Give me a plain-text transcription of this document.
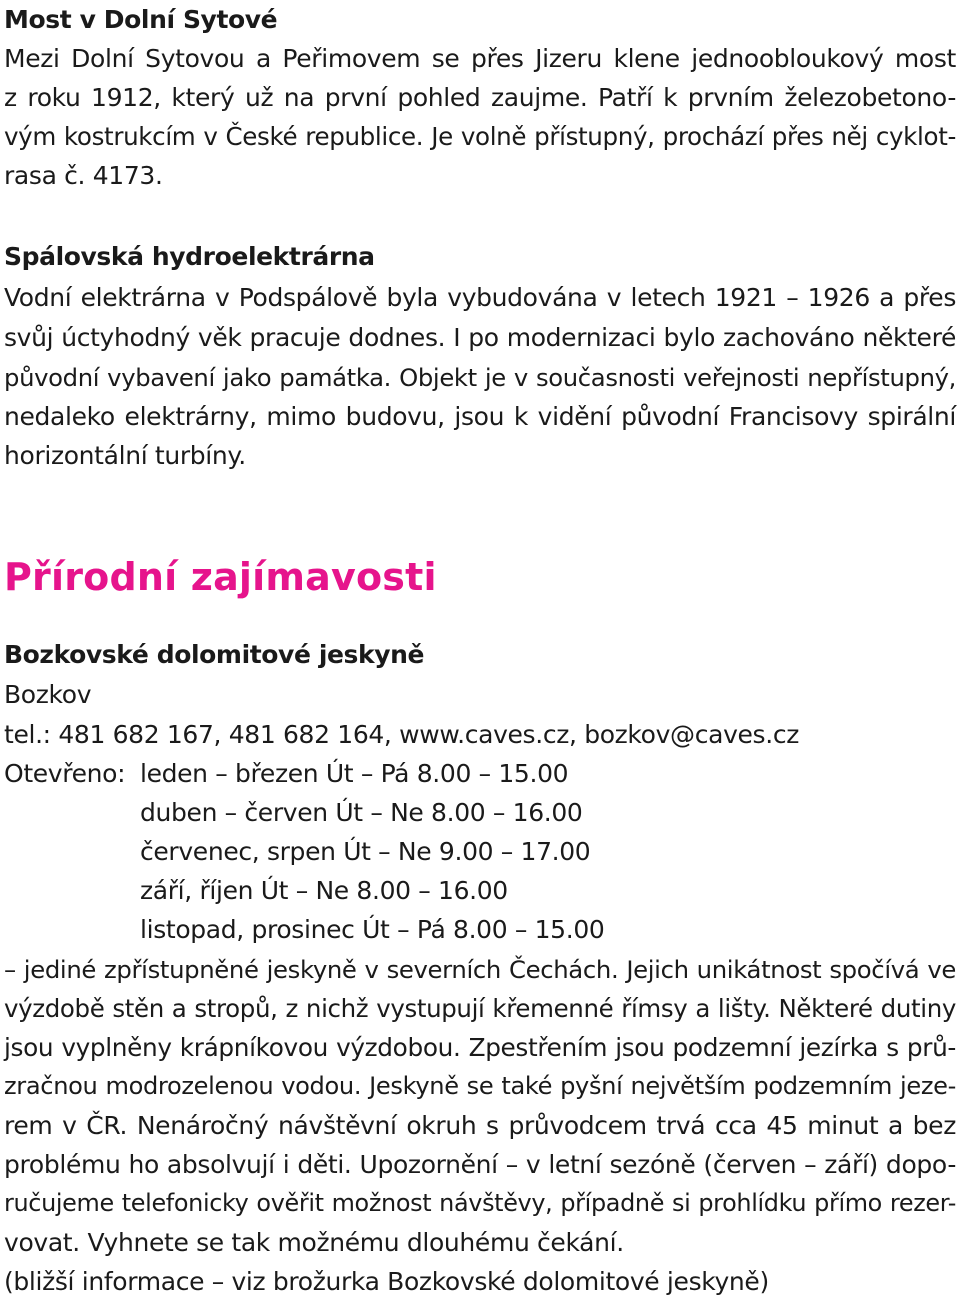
Most v Dolní Sytové
Mezi Dolní Sytovou a Peřimovem se přes Jizeru klene jednoobloukový most
z roku 1912, který už na první pohled zaujme. Patří k prvním železobetono-
vým kostrukcím v České republice. Je volně přístupný, prochází přes něj cyklot-
rasa č. 4173.
Spálovská hydroelektrárna
Vodní elektrárna v Podspálově byla vybudována v letech 1921 – 1926 a přes
svůj úctyhodný věk pracuje dodnes. I po modernizaci bylo zachováno některé
původní vybavení jako památka. Objekt je v současnosti veřejnosti nepřístupný,
nedaleko elektrárny, mimo budovu, jsou k vidění původní Francisovy spirální
horizontální turbíny.
Přírodní zajímavosti
Bozkovské dolomitové jeskyně
Bozkov
tel.: 481 682 167, 481 682 164, www.caves.cz, bozkov@caves.cz
Otevřeno: leden – březen Út – Pá 8.00 – 15.00
duben – červen Út – Ne 8.00 – 16.00
červenec, srpen Út – Ne 9.00 – 17.00
září, říjen Út – Ne 8.00 – 16.00
listopad, prosinec Út – Pá 8.00 – 15.00
– jediné zpřístupněné jeskyně v severních Čechách. Jejich unikátnost spočívá ve
výzdobě stěn a stropů, z nichž vystupují křemenné římsy a lišty. Některé dutiny
jsou vyplněny krápníkovou výzdobou. Zpestřením jsou podzemní jezírka s prů-
zračnou modrozelenou vodou. Jeskyně se také pyšní největším podzemním jeze-
rem v ČR. Nenáročný návštěvní okruh s průvodcem trvá cca 45 minut a bez
problému ho absolvují i děti. Upozornění – v letní sezóně (červen – září) dopo-
ručujeme telefonicky ověřit možnost návštěvy, případně si prohlídku přímo rezer-
vovat. Vyhnete se tak možnému dlouhému čekání.
(bližší informace – viz brožurka Bozkovské dolomitové jeskyně)
